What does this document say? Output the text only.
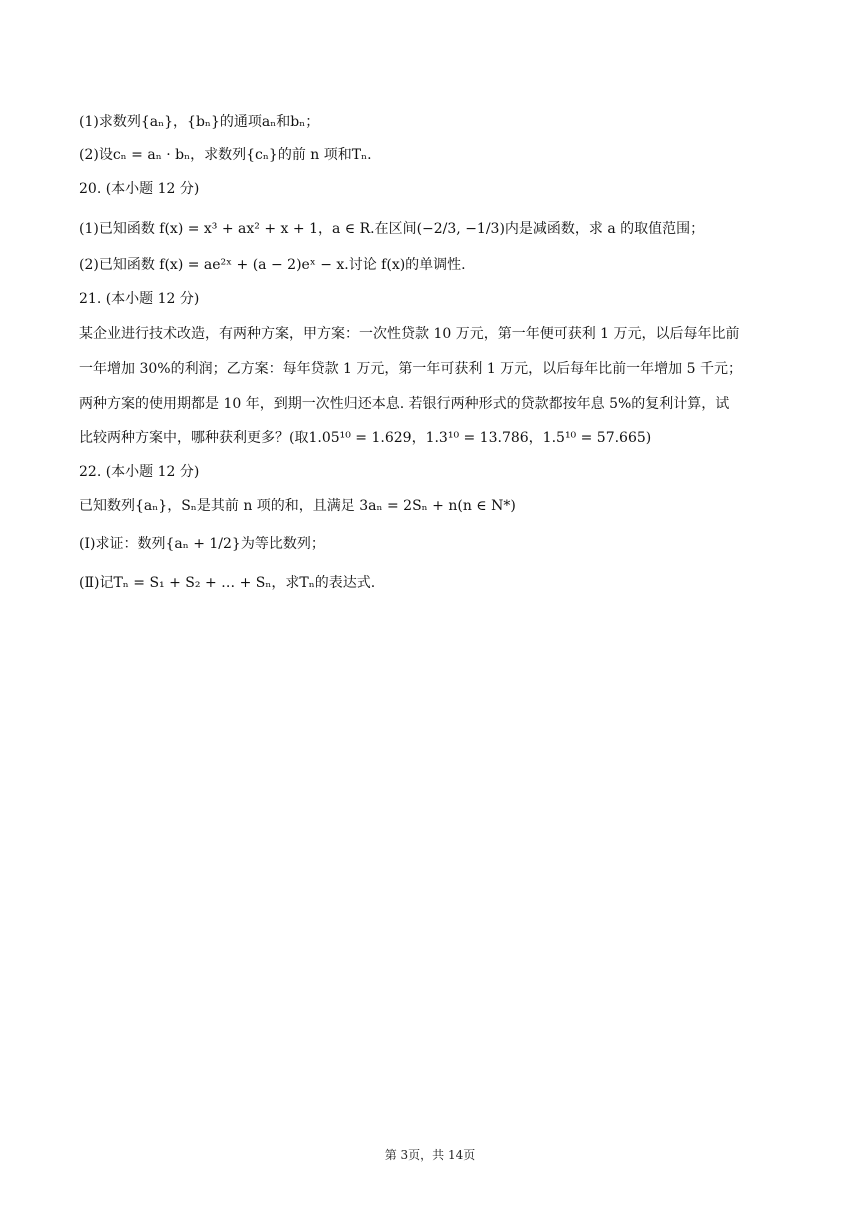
(1)求数列{aₙ}，{bₙ}的通项aₙ和bₙ；
(2)设cₙ = aₙ · bₙ，求数列{cₙ}的前 n 项和Tₙ.
20. (本小题 12 分)
(1)已知函数 f(x) = x³ + ax² + x + 1，a ∈ R.在区间(−2/3, −1/3)内是减函数，求 a 的取值范围；
(2)已知函数 f(x) = ae²ˣ + (a − 2)eˣ − x.讨论 f(x)的单调性.
21. (本小题 12 分)
某企业进行技术改造，有两种方案，甲方案：一次性贷款 10 万元，第一年便可获利 1 万元，以后每年比前
一年增加 30%的利润；乙方案：每年贷款 1 万元，第一年可获利 1 万元，以后每年比前一年增加 5 千元；
两种方案的使用期都是 10 年，到期一次性归还本息. 若银行两种形式的贷款都按年息 5%的复利计算，试
比较两种方案中，哪种获利更多？(取1.05¹⁰ = 1.629，1.3¹⁰ = 13.786，1.5¹⁰ = 57.665)
22. (本小题 12 分)
已知数列{aₙ}，Sₙ是其前 n 项的和，且满足 3aₙ = 2Sₙ + n(n ∈ N*)
(Ⅰ)求证：数列{aₙ + 1/2}为等比数列；
(Ⅱ)记Tₙ = S₁ + S₂ + … + Sₙ，求Tₙ的表达式.
第 3页，共 14页
